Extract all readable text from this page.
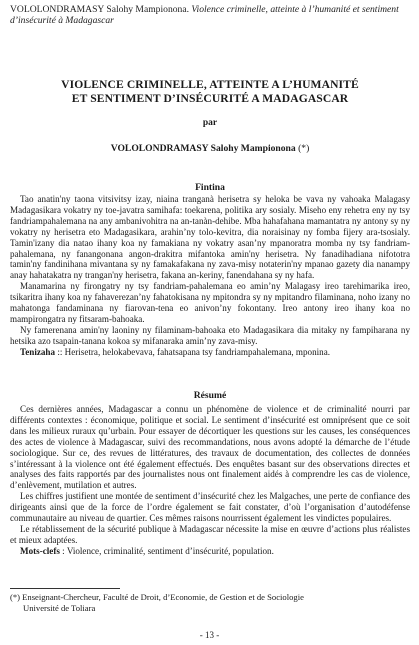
VOLOLONDRAMASY Salohy Mampionona. Violence criminelle, atteinte à l’humanité et sentiment d’insécurité à Madagascar
VIOLENCE CRIMINELLE, ATTEINTE A L’HUMANITÉ
ET SENTIMENT D’INSÉCURITÉ A MADAGASCAR
par
VOLOLONDRAMASY Salohy Mampionona (*)
Fintina

Tao anatin'ny taona vitsivitsy izay, niaina tranganà herisetra sy heloka be vava ny vahoaka Malagasy Madagasikara vokatry ny toe-javatra samihafa: toekarena, politika ary sosialy. Miseho eny rehetra eny ny tsy fandriampahalemana na any ambanivohitra na an-tanàn-dehibe. Mba hahafahana mamantatra ny antony sy ny vokatry ny herisetra eto Madagasikara, arahin’ny tolo-kevitra, dia noraisinay ny fomba fijery ara-tsosialy. Tamin'izany dia natao ihany koa ny famakiana ny vokatry asan’ny mpanoratra momba ny tsy fandriam-pahalemana, ny fanangonana angon-drakitra mifantoka amin'ny herisetra. Ny fanadihadiana nifototra tamin'ny fandinihana mivantana sy ny famakafakana ny zava-misy notaterin'ny mpanao gazety dia nanampy anay hahatakatra ny trangan'ny herisetra, fakana an-keriny, fanendahana sy ny hafa.

Manamarina ny firongatry ny tsy fandriam-pahalemana eo amin’ny Malagasy ireo tarehimarika ireo, tsikaritra ihany koa ny fahaverezan’ny fahatokisana ny mpitondra sy ny mpitandro filaminana, noho izany no mahatonga fandaminana ny fiarovan-tena eo anivon’ny fokontany. Ireo antony ireo ihany koa no mampirongatra ny fitsaram-bahoaka.

Ny famerenana amin'ny laoniny ny filaminam-bahoaka eto Madagasikara dia mitaky ny fampiharana ny hetsika azo tsapain-tanana kokoa sy mifanaraka amin’ny zava-misy.

Tenizaha :: Herisetra, helokabevava, fahatsapana tsy fandriampahalemana, mponina.

Résumé

Ces dernières années, Madagascar a connu un phénomène de violence et de criminalité nourri par différents contextes : économique, politique et social. Le sentiment d’insécurité est omniprésent que ce soit dans les milieux ruraux qu’urbain. Pour essayer de décortiquer les questions sur les causes, les conséquences des actes de violence à Madagascar, suivi des recommandations, nous avons adopté la démarche de l’étude sociologique. Sur ce, des revues de littératures, des travaux de documentation, des collectes de données s’intéressant à la violence ont été également effectués. Des enquêtes basant sur des observations directes et analyses des faits rapportés par des journalistes nous ont finalement aidés à comprendre les cas de violence, d’enlèvement, mutilation et autres.

Les chiffres justifient une montée de sentiment d’insécurité chez les Malgaches, une perte de confiance des dirigeants ainsi que de la force de l’ordre également se fait constater, d’où l’organisation d’autodéfense communautaire au niveau de quartier. Ces mêmes raisons nourrissent également les vindictes populaires.

Le rétablissement de la sécurité publique à Madagascar nécessite la mise en œuvre d’actions plus réalistes et mieux adaptées.

Mots-clefs : Violence, criminalité, sentiment d’insécurité, population.

(*) Enseignant-Chercheur, Faculté de Droit, d’Economie, de Gestion et de Sociologie
Université de Toliara
- 13 -
